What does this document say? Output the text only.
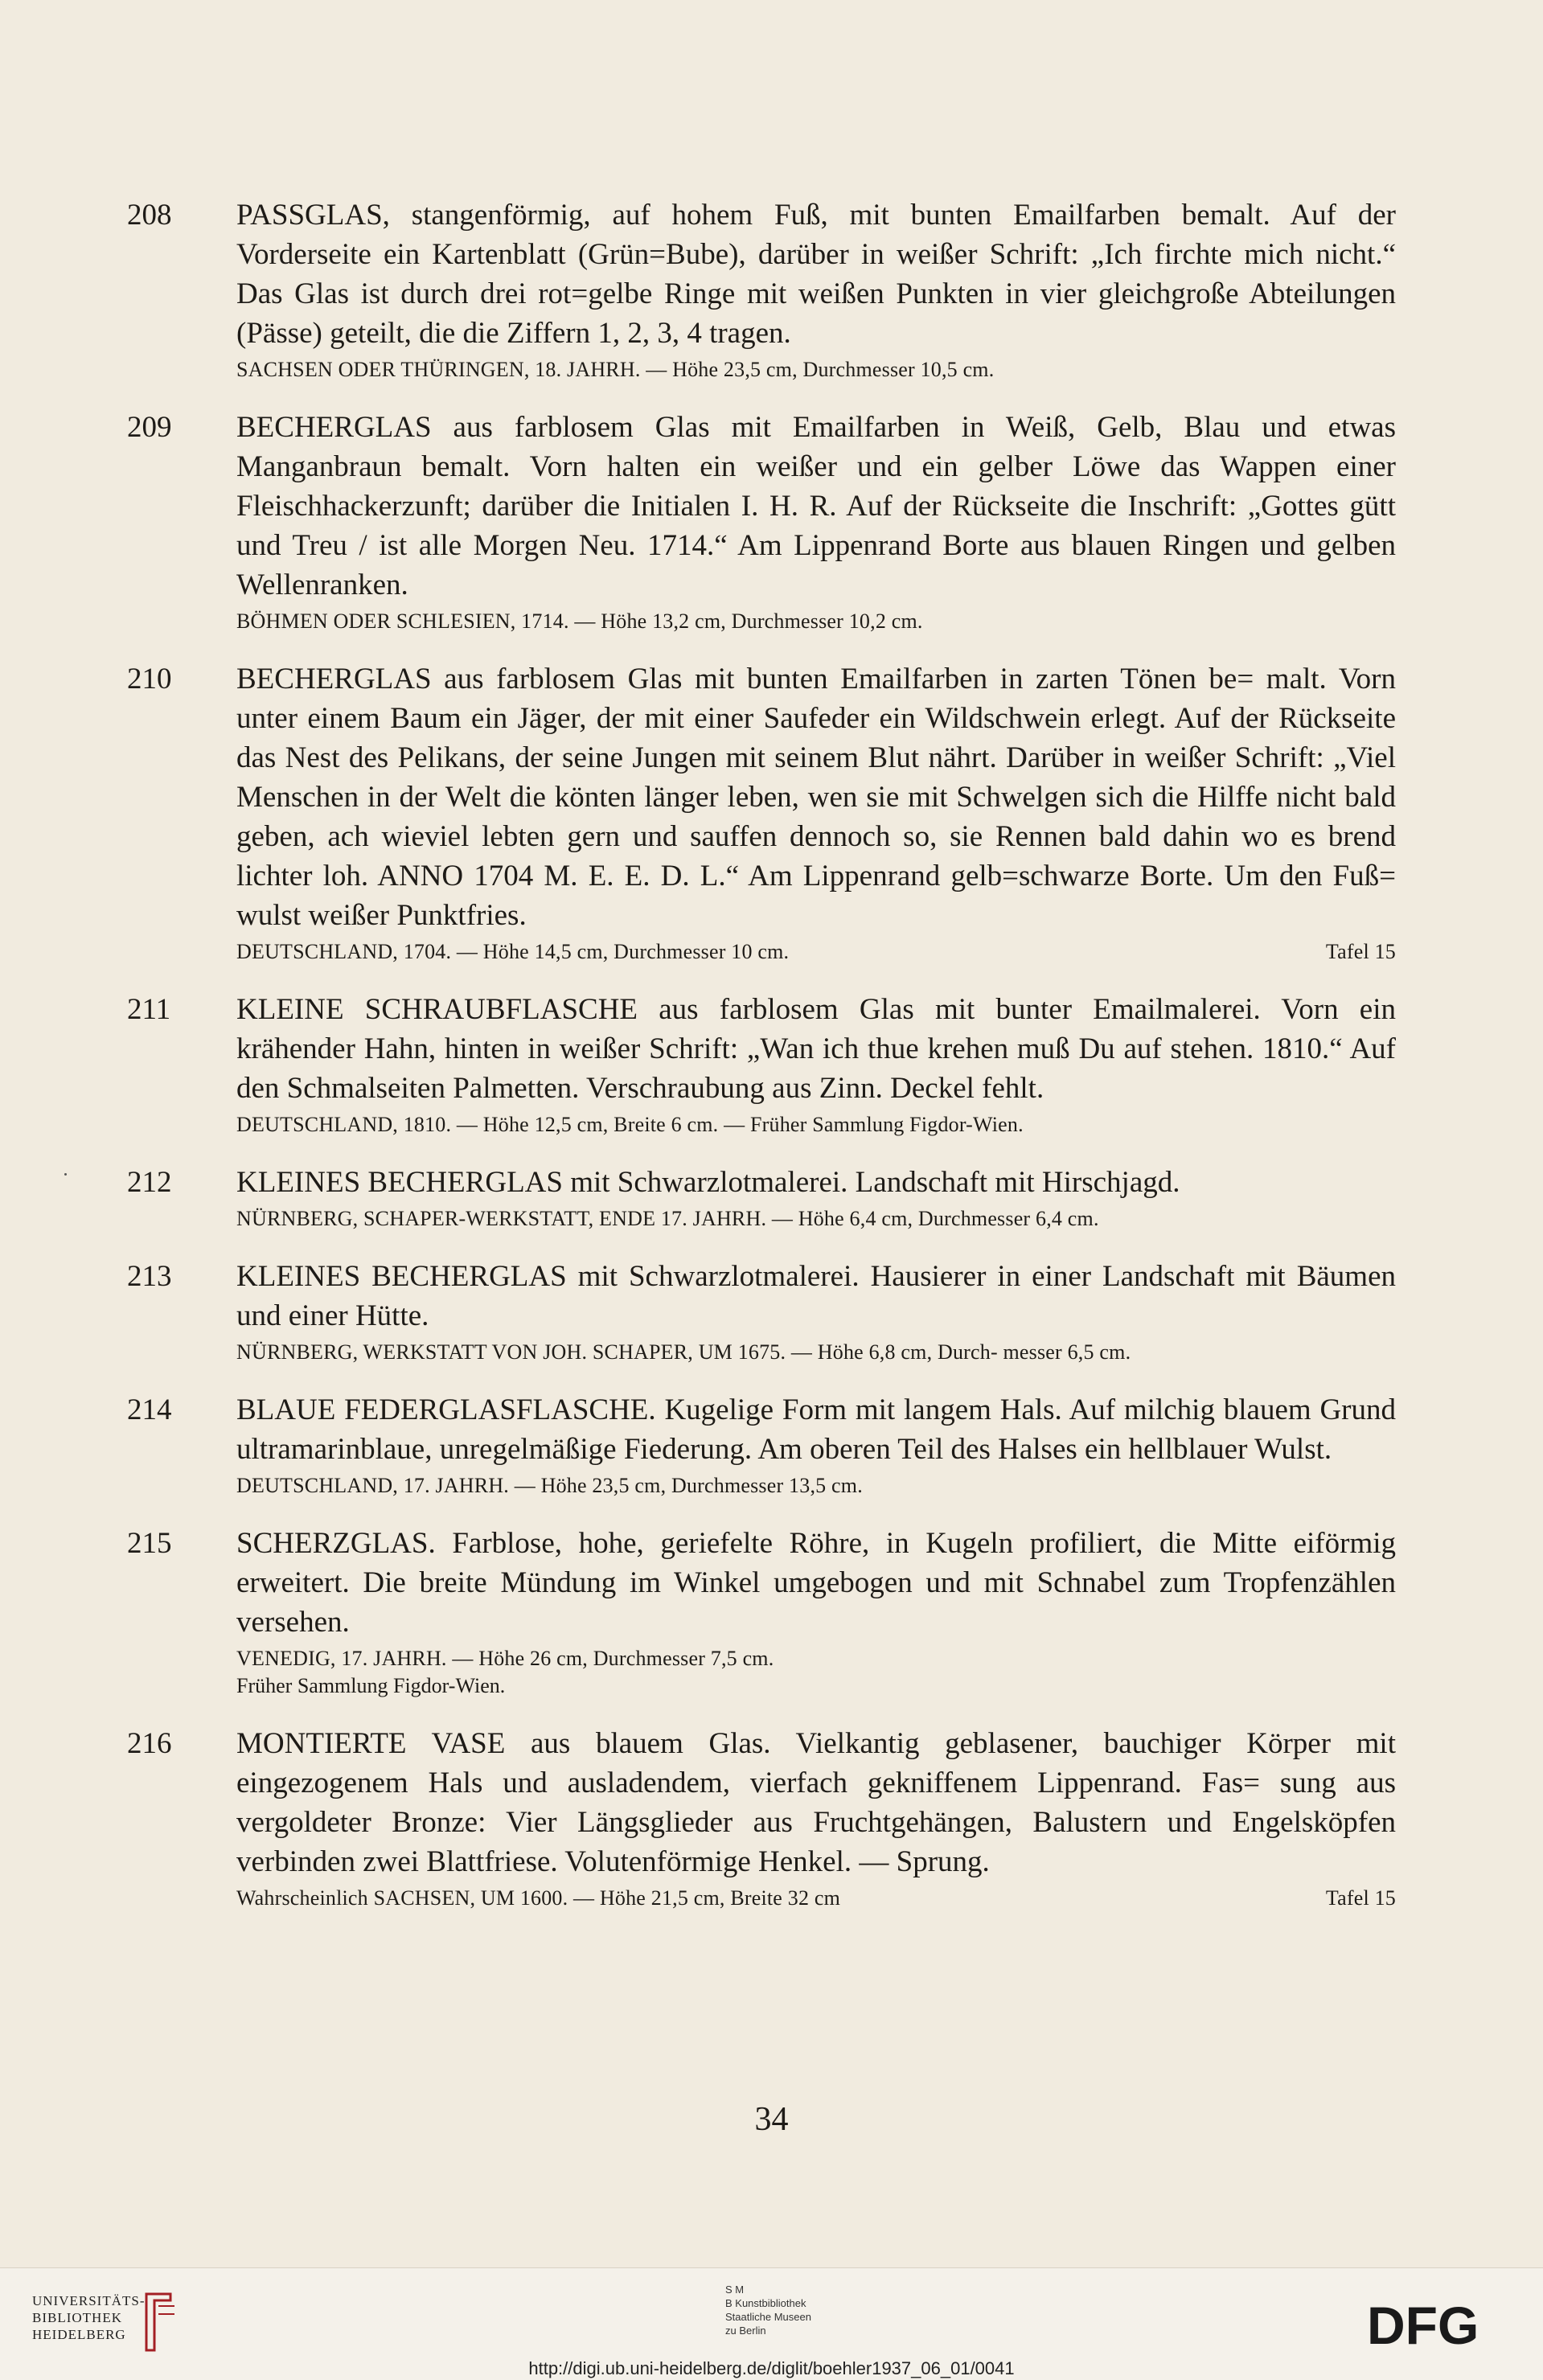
208 PASSGLAS, stangenförmig, auf hohem Fuß, mit bunten Emailfarben bemalt. Auf der Vorderseite ein Kartenblatt (Grün=Bube), darüber in weißer Schrift: „Ich firchte mich nicht.“ Das Glas ist durch drei rot=gelbe Ringe mit weißen Punkten in vier gleichgroße Abteilungen (Pässe) geteilt, die die Ziffern 1, 2, 3, 4 tragen.
SACHSEN ODER THÜRINGEN, 18. JAHRH. — Höhe 23,5 cm, Durchmesser 10,5 cm.
209 BECHERGLAS aus farblosem Glas mit Emailfarben in Weiß, Gelb, Blau und etwas Manganbraun bemalt. Vorn halten ein weißer und ein gelber Löwe das Wappen einer Fleischhackerzunft; darüber die Initialen I. H. R. Auf der Rückseite die Inschrift: „Gottes gütt und Treu / ist alle Morgen Neu. 1714.“ Am Lippenrand Borte aus blauen Ringen und gelben Wellenranken.
BÖHMEN ODER SCHLESIEN, 1714. — Höhe 13,2 cm, Durchmesser 10,2 cm.
210 BECHERGLAS aus farblosem Glas mit bunten Emailfarben in zarten Tönen be= malt. Vorn unter einem Baum ein Jäger, der mit einer Saufeder ein Wildschwein erlegt. Auf der Rückseite das Nest des Pelikans, der seine Jungen mit seinem Blut nährt. Darüber in weißer Schrift: „Viel Menschen in der Welt die könten länger leben, wen sie mit Schwelgen sich die Hilffe nicht bald geben, ach wieviel lebten gern und sauffen dennoch so, sie Rennen bald dahin wo es brend lichter loh. ANNO 1704 M. E. E. D. L.“ Am Lippenrand gelb=schwarze Borte. Um den Fuß= wulst weißer Punktfries.
DEUTSCHLAND, 1704. — Höhe 14,5 cm, Durchmesser 10 cm.	Tafel 15
211 KLEINE SCHRAUBFLASCHE aus farblosem Glas mit bunter Emailmalerei. Vorn ein krähender Hahn, hinten in weißer Schrift: „Wan ich thue krehen muß Du auf stehen. 1810.“ Auf den Schmalseiten Palmetten. Verschraubung aus Zinn. Deckel fehlt.
DEUTSCHLAND, 1810. — Höhe 12,5 cm, Breite 6 cm. — Früher Sammlung Figdor-Wien.
212 KLEINES BECHERGLAS mit Schwarzlotmalerei. Landschaft mit Hirschjagd.
NÜRNBERG, SCHAPER-WERKSTATT, ENDE 17. JAHRH. — Höhe 6,4 cm, Durchmesser 6,4 cm.
213 KLEINES BECHERGLAS mit Schwarzlotmalerei. Hausierer in einer Landschaft mit Bäumen und einer Hütte.
NÜRNBERG, WERKSTATT VON JOH. SCHAPER, UM 1675. — Höhe 6,8 cm, Durch- messer 6,5 cm.
214 BLAUE FEDERGLASFLASCHE. Kugelige Form mit langem Hals. Auf milchig blauem Grund ultramarinblaue, unregelmäßige Fiederung. Am oberen Teil des Halses ein hellblauer Wulst.
DEUTSCHLAND, 17. JAHRH. — Höhe 23,5 cm, Durchmesser 13,5 cm.
215 SCHERZGLAS. Farblose, hohe, geriefelte Röhre, in Kugeln profiliert, die Mitte eiförmig erweitert. Die breite Mündung im Winkel umgebogen und mit Schnabel zum Tropfenzählen versehen.
VENEDIG, 17. JAHRH. — Höhe 26 cm, Durchmesser 7,5 cm.
Früher Sammlung Figdor-Wien.
216 MONTIERTE VASE aus blauem Glas. Vielkantig geblasener, bauchiger Körper mit eingezogenem Hals und ausladendem, vierfach gekniffenem Lippenrand. Fas= sung aus vergoldeter Bronze: Vier Längsglieder aus Fruchtgehängen, Balustern und Engelsköpfen verbinden zwei Blattfriese. Volutenförmige Henkel. — Sprung.
Wahrscheinlich SACHSEN, UM 1600. — Höhe 21,5 cm, Breite 32 cm	Tafel 15
34
UNIVERSITÄTS-
BIBLIOTHEK
HEIDELBERG
S M
B Kunstbibliothek
Staatliche Museen
zu Berlin	DFG
http://digi.ub.uni-heidelberg.de/diglit/boehler1937_06_01/0041
